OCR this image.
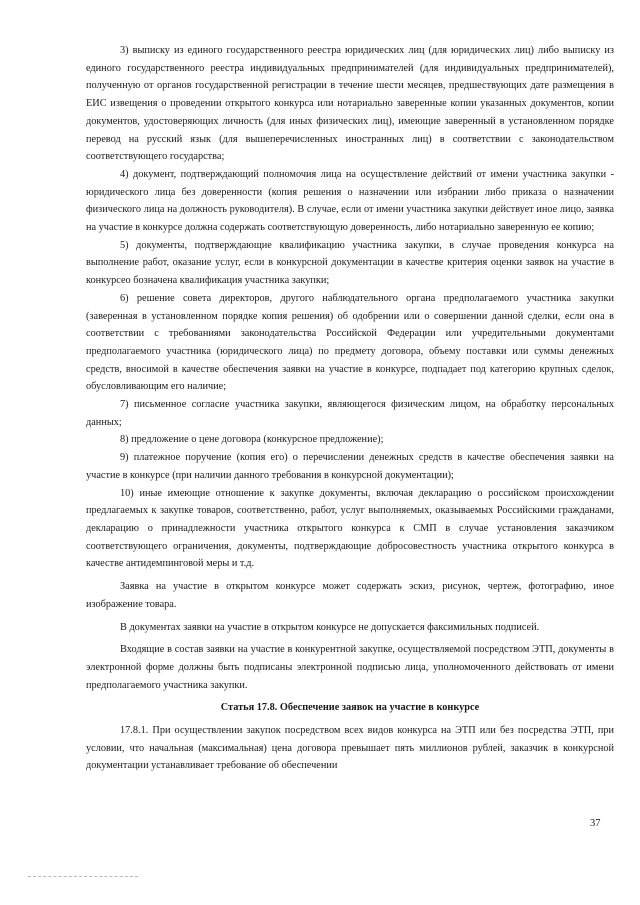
3) выписку из единого государственного реестра юридических лиц (для юридических лиц) либо выписку из единого государственного реестра индивидуальных предпринимателей (для индивидуальных предпринимателей), полученную от органов государственной регистрации в течение шести месяцев, предшествующих дате размещения в ЕИС извещения о проведении открытого конкурса или нотариально заверенные копии указанных документов, копии документов, удостоверяющих личность (для иных физических лиц), имеющие заверенный в установленном порядке перевод на русский язык (для вышеперечисленных иностранных лиц) в соответствии с законодательством соответствующего государства;

4) документ, подтверждающий полномочия лица на осуществление действий от имени участника закупки - юридического лица без доверенности (копия решения о назначении или избрании либо приказа о назначении физического лица на должность руководителя). В случае, если от имени участника закупки действует иное лицо, заявка на участие в конкурсе должна содержать соответствующую доверенность, либо нотариально заверенную ее копию;

5) документы, подтверждающие квалификацию участника закупки, в случае проведения конкурса на выполнение работ, оказание услуг, если в конкурсной документации в качестве критерия оценки заявок на участие в конкурсео бозначена квалификация участника закупки;

6) решение совета директоров, другого наблюдательного органа предполагаемого участника закупки (заверенная в установленном порядке копия решения) об одобрении или о совершении данной сделки, если она в соответствии с требованиями законодательства Российской Федерации или учредительными документами предполагаемого участника (юридического лица) по предмету договора, объему поставки или суммы денежных средств, вносимой в качестве обеспечения заявки на участие в конкурсе, подпадает под категорию крупных сделок, обусловливающим его наличие;

7) письменное согласие участника закупки, являющегося физическим лицом, на обработку персональных данных;

8) предложение о цене договора (конкурсное предложение);

9) платежное поручение (копия его) о перечислении денежных средств в качестве обеспечения заявки на участие в конкурсе (при наличии данного требования в конкурсной документации);

10) иные имеющие отношение к закупке документы, включая декларацию о российском происхождении предлагаемых к закупке товаров, соответственно, работ, услуг выполняемых, оказываемых Российскими гражданами, декларацию о принадлежности участника открытого конкурса к СМП в случае установления заказчиком соответствующего ограничения, документы, подтверждающие добросовестность участника открытого конкурса в качестве антидемпинговой меры и т.д.

Заявка на участие в открытом конкурсе может содержать эскиз, рисунок, чертеж, фотографию, иное изображение товара.

В документах заявки на участие в открытом конкурсе не допускается факсимильных подписей.

Входящие в состав заявки на участие в конкурентной закупке, осуществляемой посредством ЭТП, документы в электронной форме должны быть подписаны электронной подписью лица, уполномоченного действовать от имени предполагаемого участника закупки.

Статья 17.8. Обеспечение заявок на участие в конкурсе

17.8.1. При осуществлении закупок посредством всех видов конкурса на ЭТП или без посредства ЭТП, при условии, что начальная (максимальная) цена договора превышает пять миллионов рублей, заказчик в конкурсной документации устанавливает требование об обеспечении

37
